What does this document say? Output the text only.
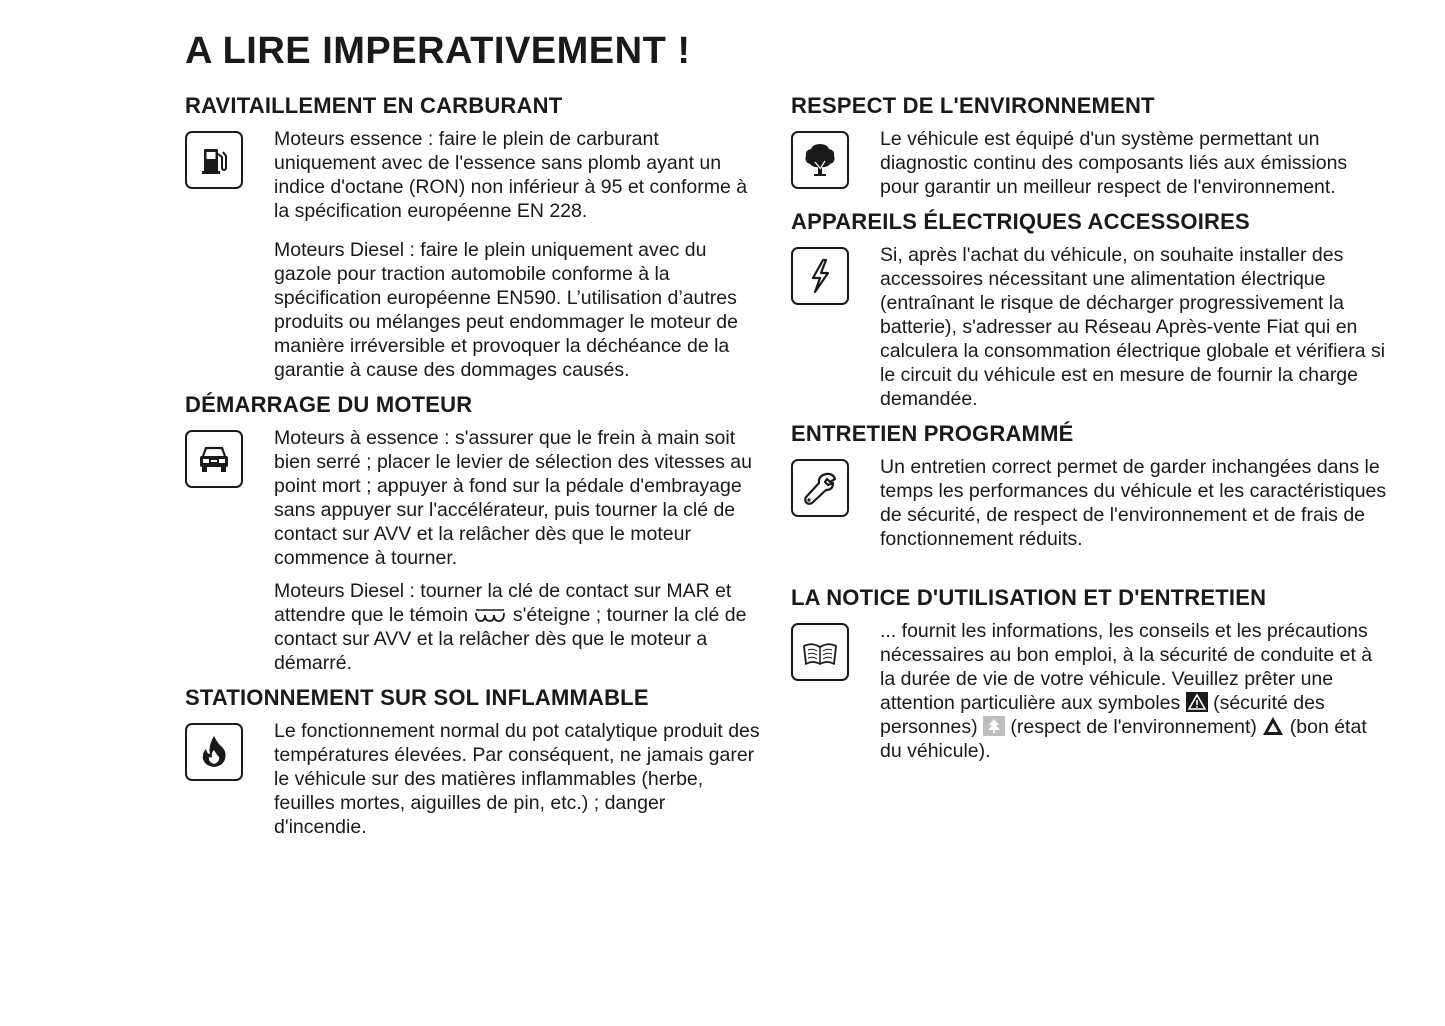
A LIRE IMPERATIVEMENT !
RAVITAILLEMENT EN CARBURANT

Moteurs essence : faire le plein de carburant uniquement avec de l'essence sans plomb ayant un indice d'octane (RON) non inférieur à 95 et conforme à la spécification européenne EN 228.

Moteurs Diesel : faire le plein uniquement avec du gazole pour traction automobile conforme à la spécification européenne EN590. L’utilisation d’autres produits ou mélanges peut endommager le moteur de manière irréversible et provoquer la déchéance de la garantie à cause des dommages causés.

DÉMARRAGE DU MOTEUR

Moteurs à essence : s'assurer que le frein à main soit bien serré ; placer le levier de sélection des vitesses au point mort ; appuyer à fond sur la pédale d'embrayage sans appuyer sur l'accélérateur, puis tourner la clé de contact sur AVV et la relâcher dès que le moteur commence à tourner.

Moteurs Diesel : tourner la clé de contact sur MAR et attendre que le témoin s'éteigne ; tourner la clé de contact sur AVV et la relâcher dès que le moteur a démarré.

STATIONNEMENT SUR SOL INFLAMMABLE

Le fonctionnement normal du pot catalytique produit des températures élevées. Par conséquent, ne jamais garer le véhicule sur des matières inflammables (herbe, feuilles mortes, aiguilles de pin, etc.) ; danger d'incendie.

RESPECT DE L'ENVIRONNEMENT

Le véhicule est équipé d'un système permettant un diagnostic continu des composants liés aux émissions pour garantir un meilleur respect de l'environnement.

APPAREILS ÉLECTRIQUES ACCESSOIRES

Si, après l'achat du véhicule, on souhaite installer des accessoires nécessitant une alimentation électrique (entraînant le risque de décharger progressivement la batterie), s'adresser au Réseau Après-vente Fiat qui en calculera la consommation électrique globale et vérifiera si le circuit du véhicule est en mesure de fournir la charge demandée.

ENTRETIEN PROGRAMMÉ

Un entretien correct permet de garder inchangées dans le temps les performances du véhicule et les caractéristiques de sécurité, de respect de l'environnement et de frais de fonctionnement réduits.

LA NOTICE D'UTILISATION ET D'ENTRETIEN

... fournit les informations, les conseils et les précautions nécessaires au bon emploi, à la sécurité de conduite et à la durée de vie de votre véhicule. Veuillez prêter une attention particulière aux symboles (sécurité des personnes) (respect de l'environnement) (bon état du véhicule).
